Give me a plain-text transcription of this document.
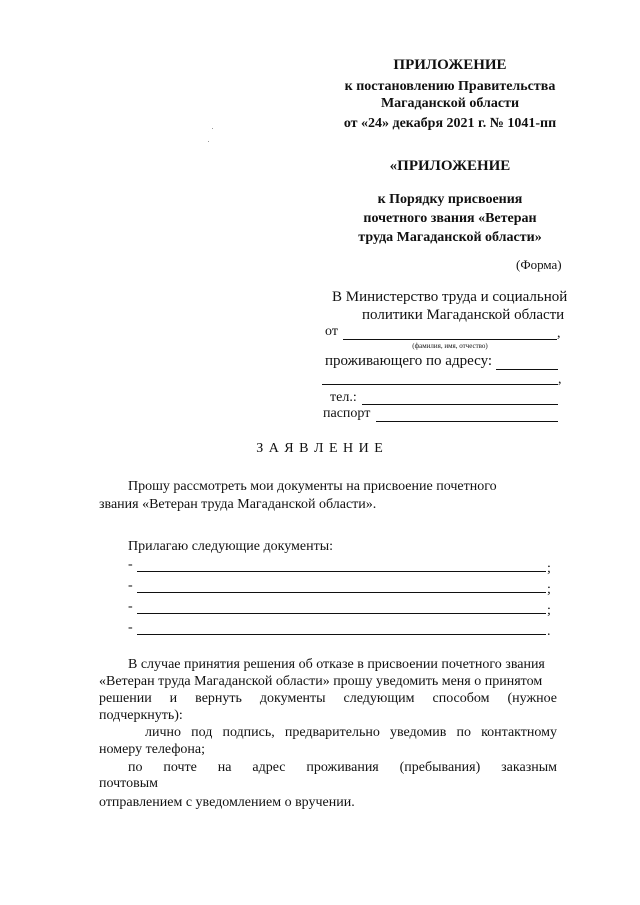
ПРИЛОЖЕНИЕ
к постановлению Правительства
Магаданской области
от «24» декабря 2021 г. № 1041-пп
«ПРИЛОЖЕНИЕ
к Порядку присвоения
почетного звания «Ветеран
труда Магаданской области»
(Форма)
В Министерство труда и социальной
политики Магаданской области
от	,
(фамилия, имя, отчество)
проживающего по адресу:
,
тел.:
паспорт
З А Я В Л Е Н И Е
Прошу рассмотреть мои документы на присвоение почетного
звания «Ветеран труда Магаданской области».
Прилагаю следующие документы:
-	;
-	;
-	;
-	.
В случае принятия решения об отказе в присвоении почетного звания
«Ветеран труда Магаданской области» прошу уведомить меня о принятом
решении и вернуть документы следующим способом (нужное
подчеркнуть):
лично под подпись, предварительно уведомив по контактному
номеру телефона;
по почте на адрес проживания (пребывания) заказным
почтовым
отправлением с уведомлением о вручении.
